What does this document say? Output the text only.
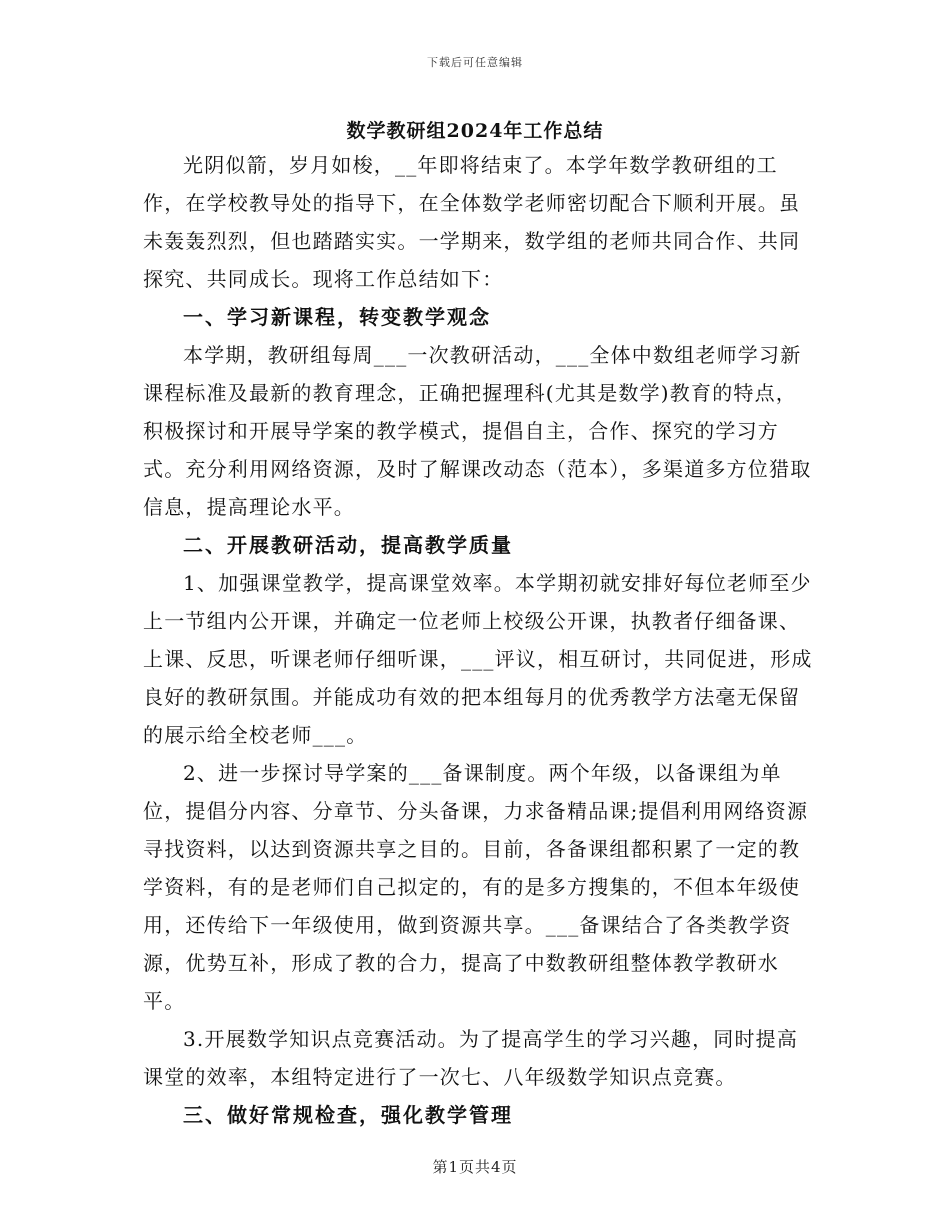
下载后可任意编辑
数学教研组2024年工作总结

光阴似箭，岁月如梭，__年即将结束了。本学年数学教研组的工作，在学校教导处的指导下，在全体数学老师密切配合下顺利开展。虽未轰轰烈烈，但也踏踏实实。一学期来，数学组的老师共同合作、共同探究、共同成长。现将工作总结如下：

一、学习新课程，转变教学观念

本学期，教研组每周___一次教研活动，___全体中数组老师学习新课程标准及最新的教育理念，正确把握理科(尤其是数学)教育的特点，积极探讨和开展导学案的教学模式，提倡自主，合作、探究的学习方式。充分利用网络资源，及时了解课改动态（范本），多渠道多方位猎取信息，提高理论水平。

二、开展教研活动，提高教学质量

1、加强课堂教学，提高课堂效率。本学期初就安排好每位老师至少上一节组内公开课，并确定一位老师上校级公开课，执教者仔细备课、上课、反思，听课老师仔细听课，___评议，相互研讨，共同促进，形成良好的教研氛围。并能成功有效的把本组每月的优秀教学方法毫无保留的展示给全校老师___。

2、进一步探讨导学案的___备课制度。两个年级，以备课组为单位，提倡分内容、分章节、分头备课，力求备精品课;提倡利用网络资源寻找资料，以达到资源共享之目的。目前，各备课组都积累了一定的教学资料，有的是老师们自己拟定的，有的是多方搜集的，不但本年级使用，还传给下一年级使用，做到资源共享。___备课结合了各类教学资源，优势互补，形成了教的合力，提高了中数教研组整体教学教研水平。

3.开展数学知识点竞赛活动。为了提高学生的学习兴趣，同时提高课堂的效率，本组特定进行了一次七、八年级数学知识点竞赛。

三、做好常规检查，强化教学管理
第1页共4页
